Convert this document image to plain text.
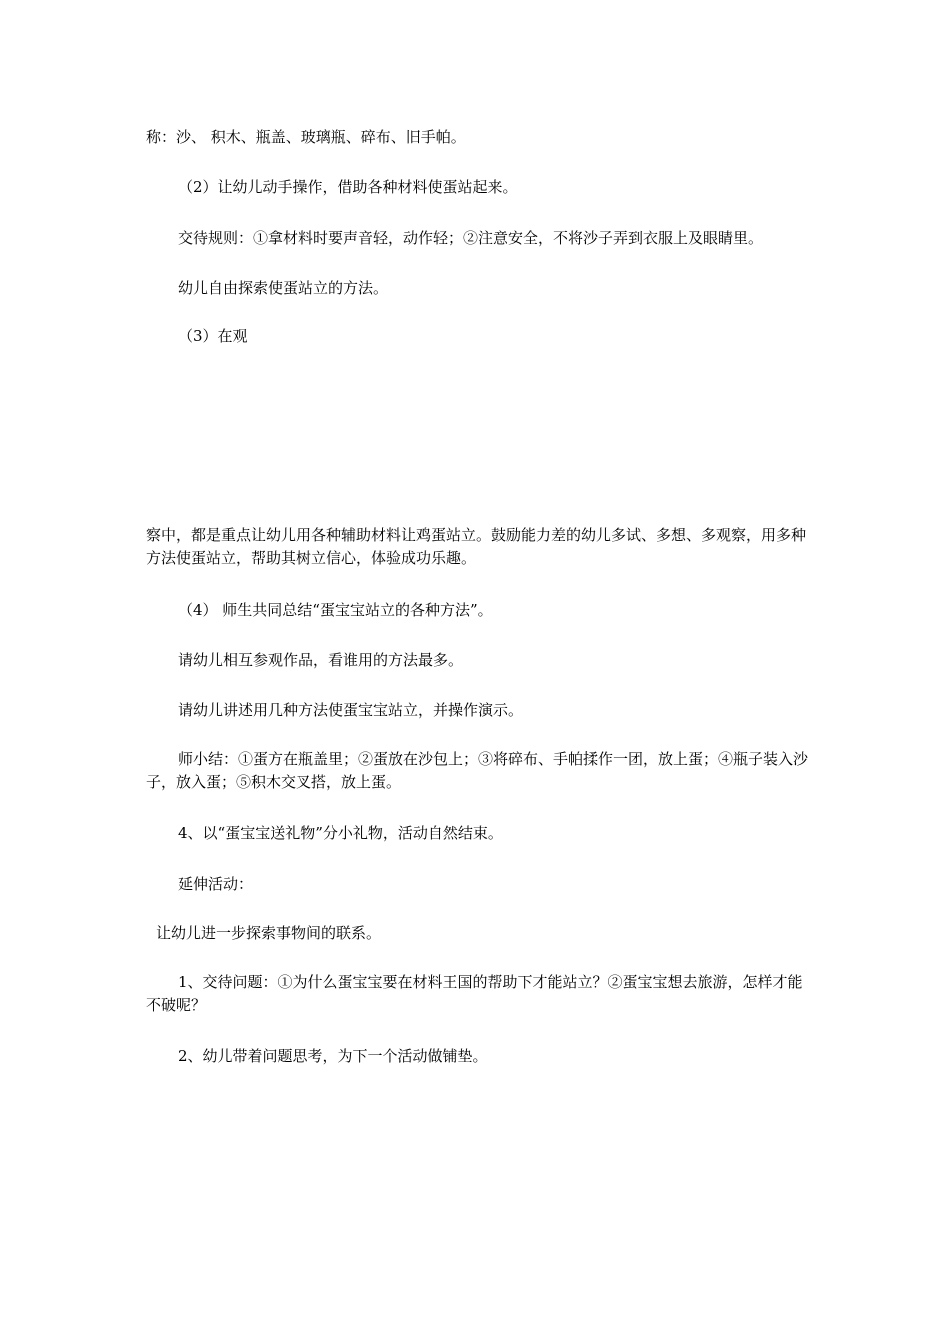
称：沙、 积木、瓶盖、玻璃瓶、碎布、旧手帕。

（2）让幼儿动手操作，借助各种材料使蛋站起来。

交待规则：①拿材料时要声音轻，动作轻；②注意安全，不将沙子弄到衣服上及眼睛里。

幼儿自由探索使蛋站立的方法。

（3）在观

察中，都是重点让幼儿用各种辅助材料让鸡蛋站立。鼓励能力差的幼儿多试、多想、多观察，用多种方法使蛋站立，帮助其树立信心，体验成功乐趣。

（4） 师生共同总结“蛋宝宝站立的各种方法”。

请幼儿相互参观作品，看谁用的方法最多。

请幼儿讲述用几种方法使蛋宝宝站立，并操作演示。

师小结：①蛋方在瓶盖里；②蛋放在沙包上；③将碎布、手帕揉作一团，放上蛋；④瓶子装入沙子，放入蛋；⑤积木交叉搭，放上蛋。

4、以“蛋宝宝送礼物”分小礼物，活动自然结束。

延伸活动：

让幼儿进一步探索事物间的联系。

1、交待问题：①为什么蛋宝宝要在材料王国的帮助下才能站立？②蛋宝宝想去旅游，怎样才能不破呢？

2、幼儿带着问题思考，为下一个活动做铺垫。
